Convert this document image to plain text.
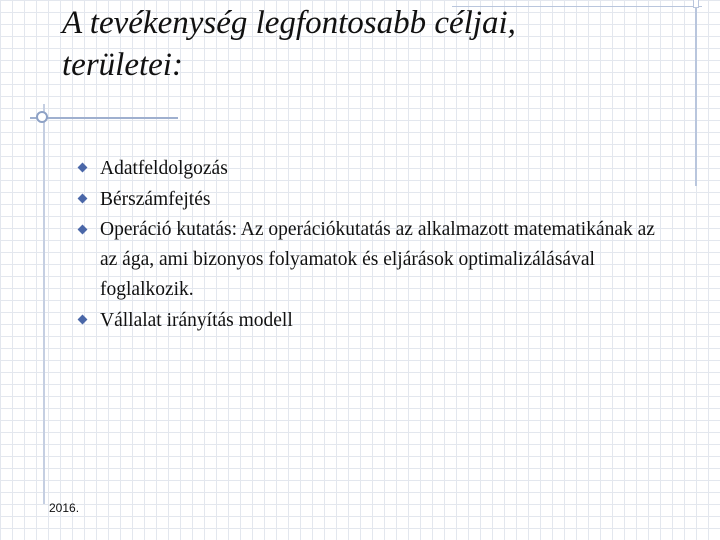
A tevékenység legfontosabb céljai,
területei:
Adatfeldolgozás
Bérszámfejtés
Operáció kutatás: Az operációkutatás az alkalmazott matematikának az az ága, ami bizonyos folyamatok és eljárások optimalizálásával foglalkozik.
Vállalat irányítás modell
2016.
